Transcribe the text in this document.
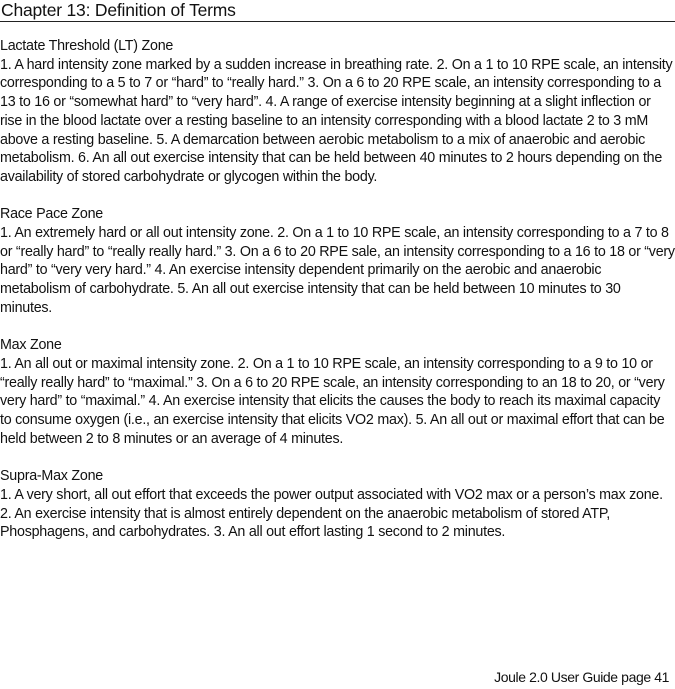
Chapter 13: Definition of Terms
Lactate Threshold (LT) Zone
1. A hard intensity zone marked by a sudden increase in breathing rate. 2. On a 1 to 10 RPE scale, an intensity corresponding to a 5 to 7 or “hard” to “really hard.” 3. On a 6 to 20 RPE scale, an intensity corresponding to a 13 to 16 or “somewhat hard” to “very hard”. 4. A range of exercise intensity beginning at a slight inflection or rise in the blood lactate over a resting baseline to an intensity corresponding with a blood lactate 2 to 3 mM above a resting baseline. 5. A demarcation between aerobic metabolism to a mix of anaerobic and aerobic metabolism. 6. An all out exercise intensity that can be held between 40 minutes to 2 hours depending on the availability of stored carbohydrate or glycogen within the body.
Race Pace Zone
1. An extremely hard or all out intensity zone. 2. On a 1 to 10 RPE scale, an intensity corresponding to a 7 to 8 or “really hard” to “really really hard.” 3. On a 6 to 20 RPE sale, an intensity corresponding to a 16 to 18 or “very hard” to “very very hard.” 4. An exercise intensity dependent primarily on the aerobic and anaerobic metabolism of carbohydrate. 5. An all out exercise intensity that can be held between 10 minutes to 30 minutes.
Max Zone
1. An all out or maximal intensity zone. 2. On a 1 to 10 RPE scale, an intensity corresponding to a 9 to 10 or “really really hard” to “maximal.” 3. On a 6 to 20 RPE scale, an intensity corresponding to an 18 to 20, or “very very hard” to “maximal.” 4. An exercise intensity that elicits the causes the body to reach its maximal capacity to consume oxygen (i.e., an exercise intensity that elicits VO2 max). 5. An all out or maximal effort that can be held between 2 to 8 minutes or an average of 4 minutes.
Supra-Max Zone
1. A very short, all out effort that exceeds the power output associated with VO2 max or a person’s max zone. 2. An exercise intensity that is almost entirely dependent on the anaerobic metabolism of stored ATP, Phosphagens, and carbohydrates. 3. An all out effort lasting 1 second to 2 minutes.
Joule 2.0 User Guide page 41
